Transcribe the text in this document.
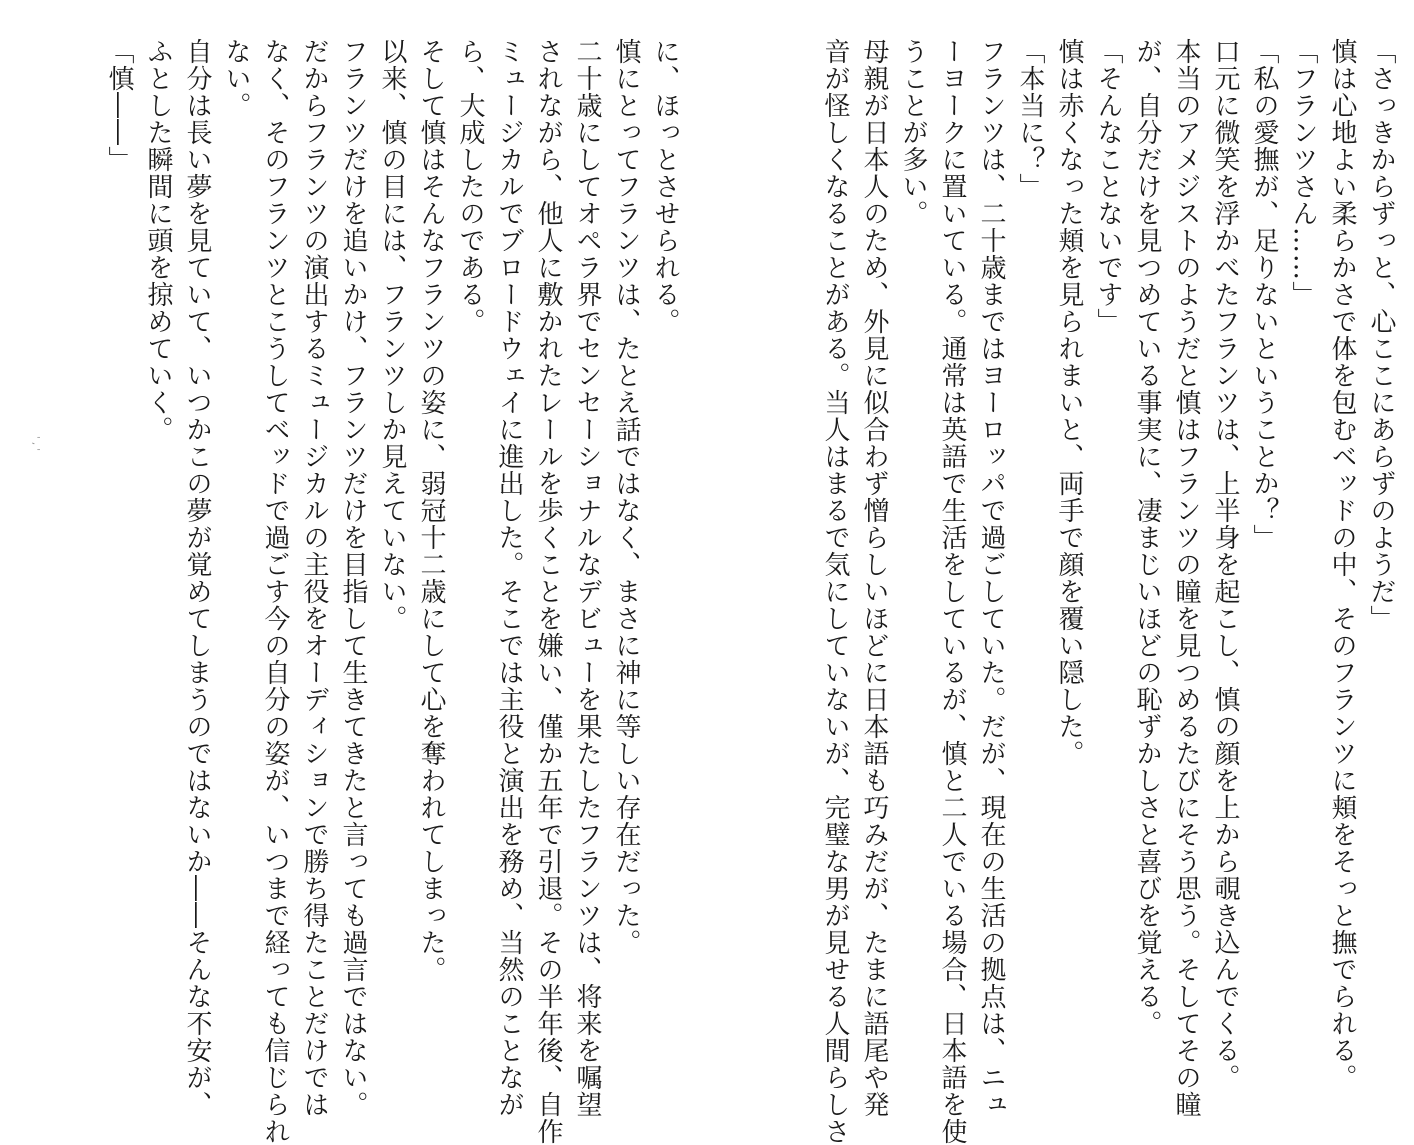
「さっきからずっと、心ここにあらずのようだ」

慎は心地よい柔らかさで体を包むベッドの中、そのフランツに頬をそっと撫でられる。

「フランツさん……」

「私の愛撫が、足りないということか？」

口元に微笑を浮かべたフランツは、上半身を起こし、慎の顔を上から覗き込んでくる。

本当のアメジストのようだと慎はフランツの瞳を見つめるたびにそう思う。そしてその瞳

が、自分だけを見つめている事実に、凄まじいほどの恥ずかしさと喜びを覚える。

「そんなことないです」

慎は赤くなった頬を見られまいと、両手で顔を覆い隠した。

「本当に？」

フランツは、二十歳まではヨーロッパで過ごしていた。だが、現在の生活の拠点は、ニュ

ーヨークに置いている。通常は英語で生活をしているが、慎と二人でいる場合、日本語を使

うことが多い。

母親が日本人のため、外見に似合わず憎らしいほどに日本語も巧みだが、たまに語尾や発

音が怪しくなることがある。当人はまるで気にしていないが、完璧な男が見せる人間らしさ

に、ほっとさせられる。

慎にとってフランツは、たとえ話ではなく、まさに神に等しい存在だった。

二十歳にしてオペラ界でセンセーショナルなデビューを果たしたフランツは、将来を嘱望

されながら、他人に敷かれたレールを歩くことを嫌い、僅か五年で引退。その半年後、自作

ミュージカルでブロードウェイに進出した。そこでは主役と演出を務め、当然のことなが

ら、大成したのである。

そして慎はそんなフランツの姿に、弱冠十二歳にして心を奪われてしまった。

以来、慎の目には、フランツしか見えていない。

フランツだけを追いかけ、フランツだけを目指して生きてきたと言っても過言ではない。

だからフランツの演出するミュージカルの主役をオーディションで勝ち得たことだけでは

なく、そのフランツとこうしてベッドで過ごす今の自分の姿が、いつまで経っても信じられ

ない。

自分は長い夢を見ていて、いつかこの夢が覚めてしまうのではないか――そんな不安が、

ふとした瞬間に頭を掠めていく。

「慎――」

' , '
